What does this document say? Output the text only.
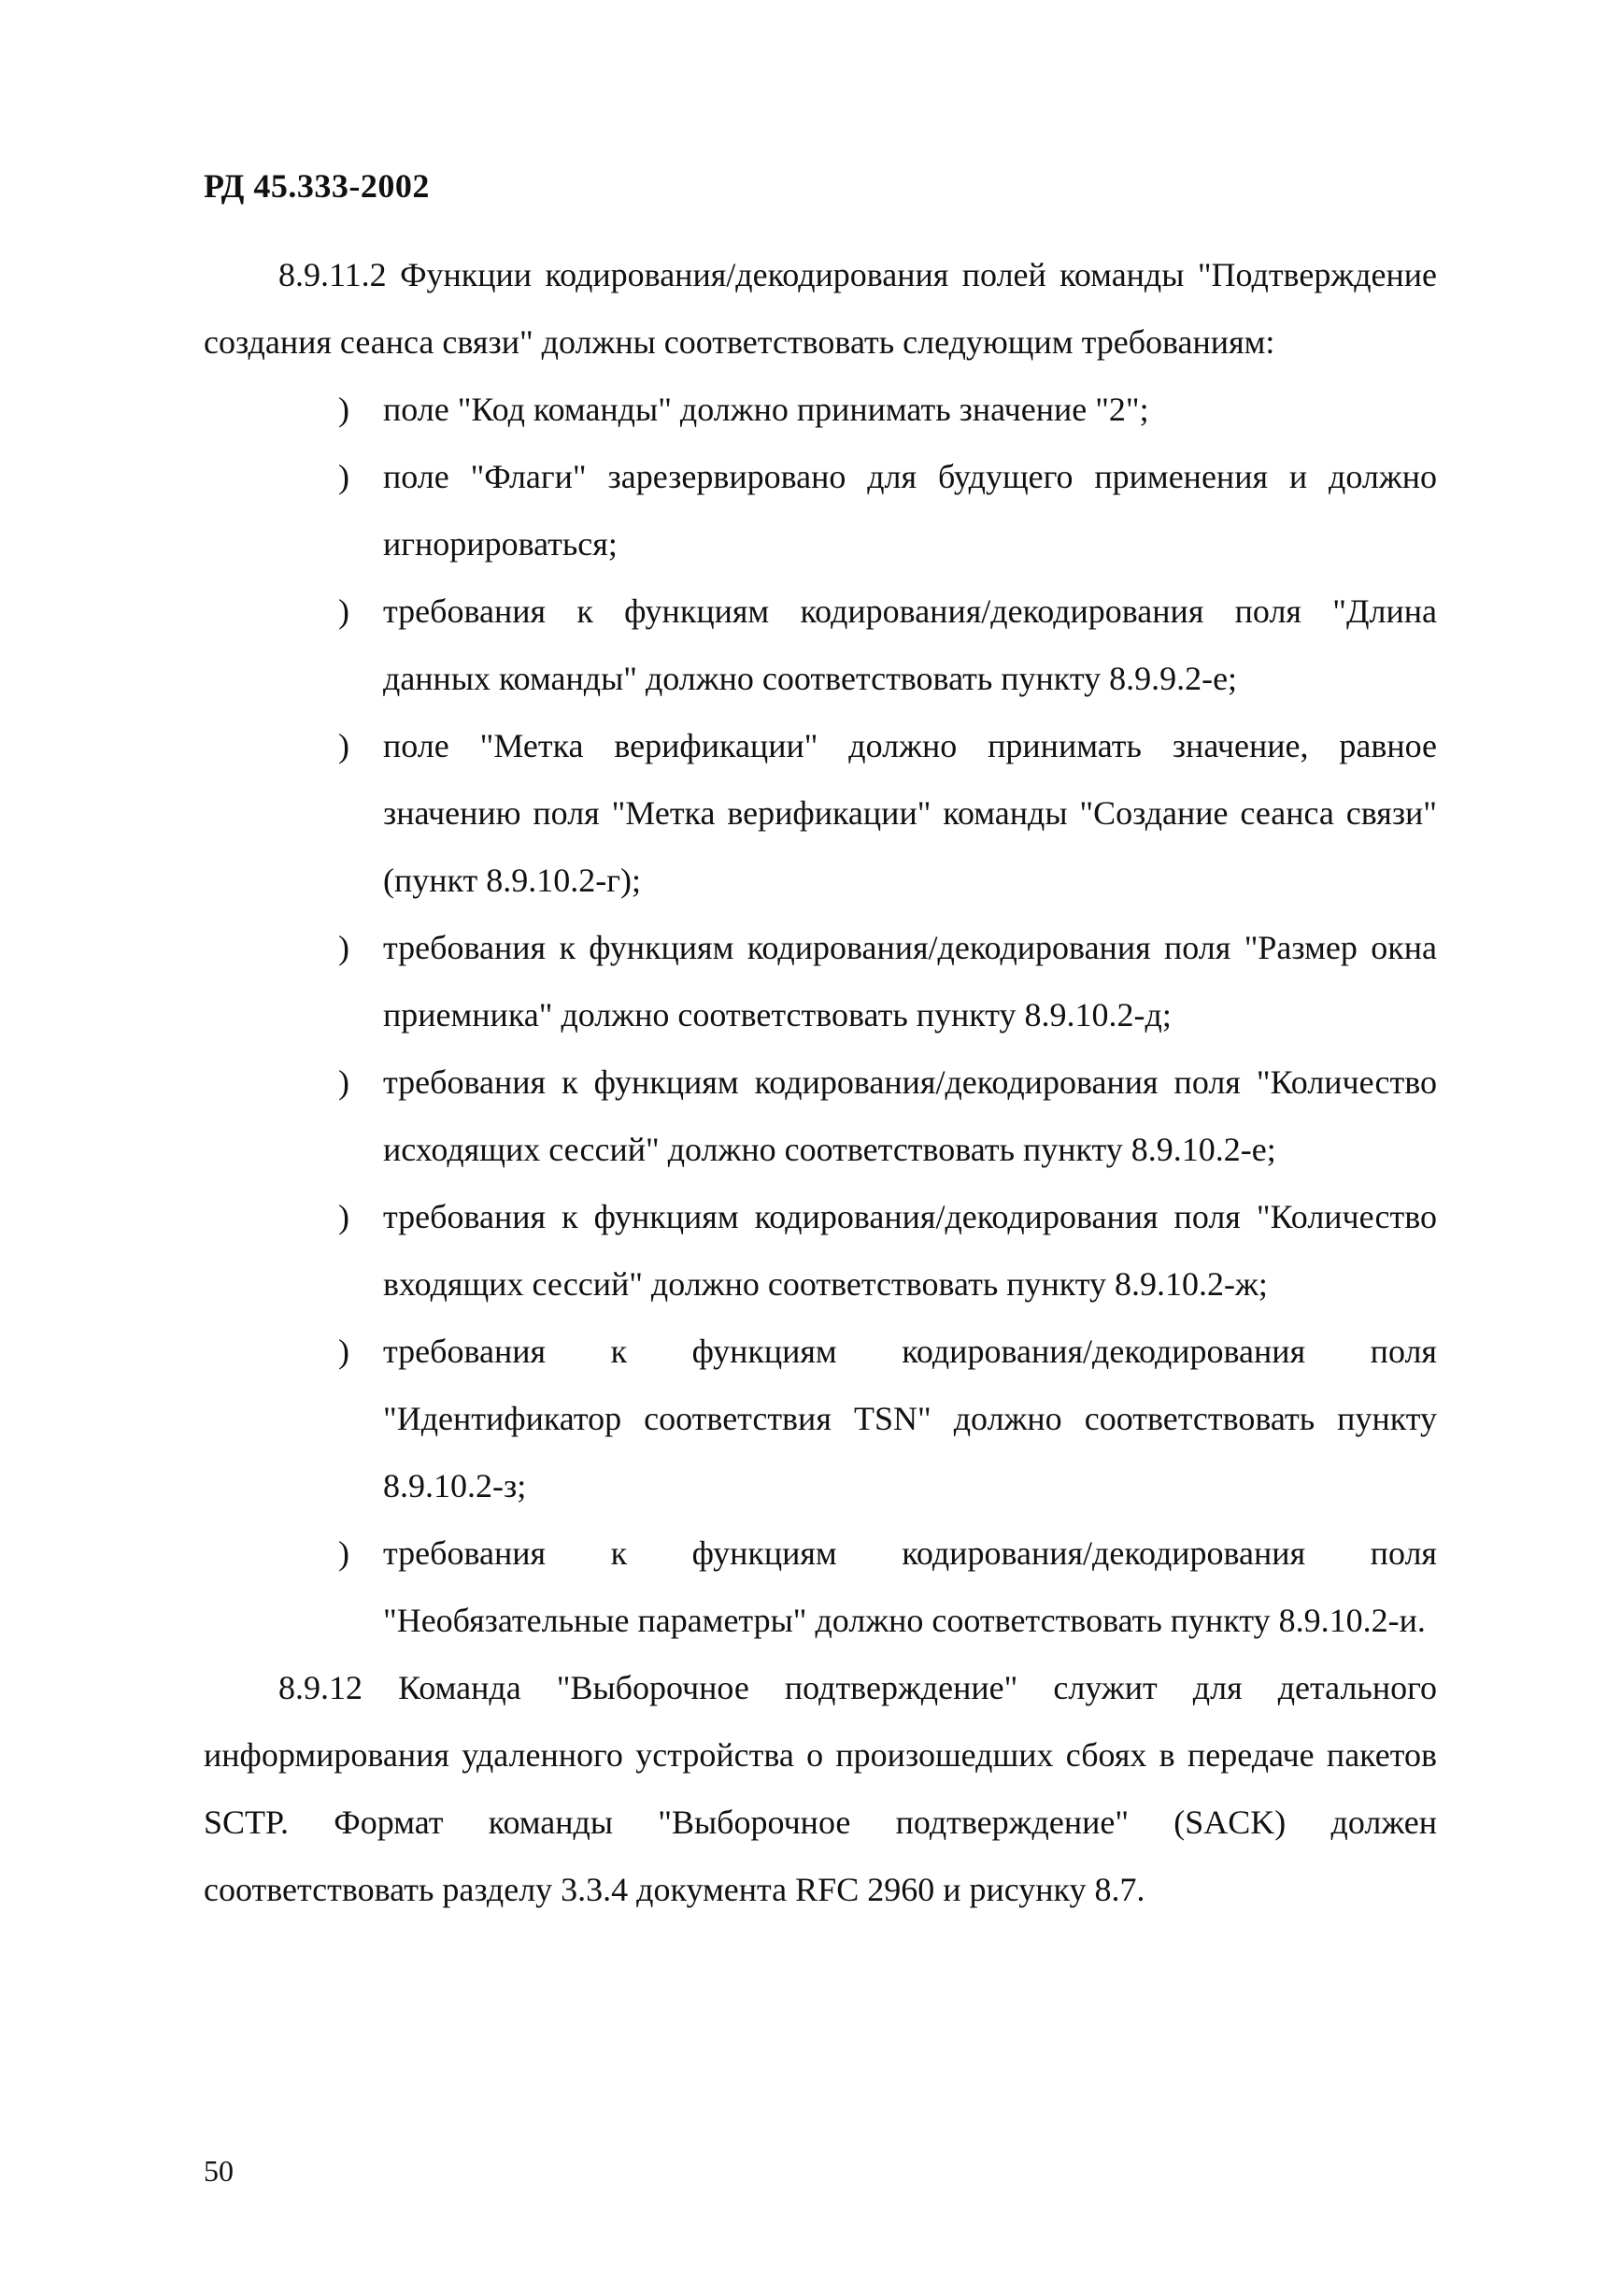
РД 45.333-2002

8.9.11.2 Функции кодирования/декодирования полей команды "Подтверждение создания сеанса связи" должны соответствовать следующим требованиям:

) поле "Код команды" должно принимать значение "2";
) поле "Флаги" зарезервировано для будущего применения и должно игнорироваться;
) требования к функциям кодирования/декодирования поля "Длина данных команды" должно соответствовать пункту 8.9.9.2-е;
) поле "Метка верификации" должно принимать значение, равное значению поля "Метка верификации" команды "Создание сеанса связи" (пункт 8.9.10.2-г);
) требования к функциям кодирования/декодирования поля "Размер окна приемника" должно соответствовать пункту 8.9.10.2-д;
) требования к функциям кодирования/декодирования поля "Количество исходящих сессий" должно соответствовать пункту 8.9.10.2-е;
) требования к функциям кодирования/декодирования поля "Количество входящих сессий" должно соответствовать пункту 8.9.10.2-ж;
) требования к функциям кодирования/декодирования поля "Идентификатор соответствия TSN" должно соответствовать пункту 8.9.10.2-з;
) требования к функциям кодирования/декодирования поля "Необязательные параметры" должно соответствовать пункту 8.9.10.2-и.

8.9.12 Команда "Выборочное подтверждение" служит для детального информирования удаленного устройства о произошедших сбоях в передаче пакетов SCTP. Формат команды "Выборочное подтверждение" (SACK) должен соответствовать разделу 3.3.4 документа RFC 2960 и рисунку 8.7.

50
